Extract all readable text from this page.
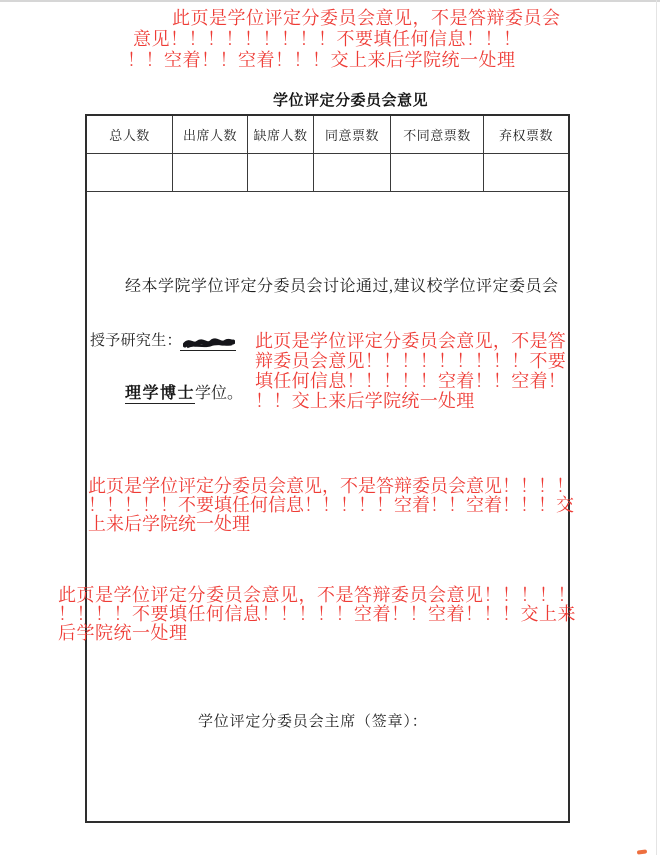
此页是学位评定分委员会意见，不是答辩委员会
意见！！！！！！！！！不要填任何信息！！！
！！空着！！空着！！！交上来后学院统一处理
学位评定分委员会意见
总人数	出席人数	缺席人数	同意票数	不同意票数	弃权票数
经本学院学位评定分委员会讨论通过,建议校学位评定委员会
授予研究生：
理学博士学位。
此页是学位评定分委员会意见，不是答
辩委员会意见！！！！！！！！！不要
填任何信息！！！！！空着！！空着！
！！交上来后学院统一处理
此页是学位评定分委员会意见，不是答辩委员会意见！！！！
！！！！！不要填任何信息！！！！！空着！！空着！！！交
上来后学院统一处理
此页是学位评定分委员会意见，不是答辩委员会意见！！！！！
！！！！不要填任何信息！！！！！空着！！空着！！！交上来
后学院统一处理
学位评定分委员会主席（签章）：
